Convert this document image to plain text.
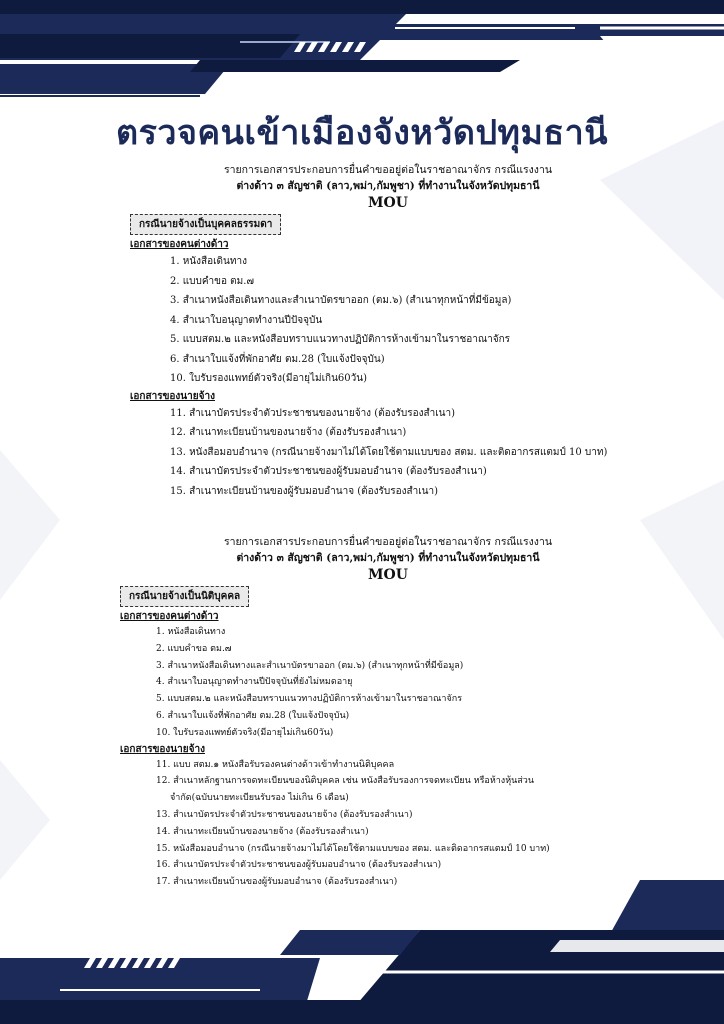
ตรวจคนเข้าเมืองจังหวัดปทุมธานี
รายการเอกสารประกอบการยื่นคำขออยู่ต่อในราชอาณาจักร กรณีแรงงาน
ต่างด้าว ๓ สัญชาติ (ลาว,พม่า,กัมพูชา) ที่ทำงานในจังหวัดปทุมธานี
MOU
กรณีนายจ้างเป็นบุคคลธรรมดา
เอกสารของคนต่างด้าว
1. หนังสือเดินทาง
2. แบบคำขอ ตม.๗
3. สำเนาหนังสือเดินทางและสำเนาบัตรขาออก (ตม.๖) (สำเนาทุกหน้าที่มีข้อมูล)
4. สำเนาใบอนุญาตทำงานปีปัจจุบัน
5. แบบสตม.๒ และหนังสือบทราบแนวทางปฏิบัติการห้างเข้ามาในราชอาณาจักร
6. สำเนาใบแจ้งที่พักอาศัย ตม.28 (ใบแจ้งปัจจุบัน)
10. ใบรับรองแพทย์ตัวจริง(มีอายุไม่เกิน60วัน)
เอกสารของนายจ้าง
11. สำเนาบัตรประจำตัวประชาชนของนายจ้าง (ต้องรับรองสำเนา)
12. สำเนาทะเบียนบ้านของนายจ้าง (ต้องรับรองสำเนา)
13. หนังสือมอบอำนาจ (กรณีนายจ้างมาไม่ได้โดยใช้ตามแบบของ สตม. และติดอากรสแตมป์ 10 บาท)
14. สำเนาบัตรประจำตัวประชาชนของผู้รับมอบอำนาจ (ต้องรับรองสำเนา)
15. สำเนาทะเบียนบ้านของผู้รับมอบอำนาจ (ต้องรับรองสำเนา)
รายการเอกสารประกอบการยื่นคำขออยู่ต่อในราชอาณาจักร กรณีแรงงาน
ต่างด้าว ๓ สัญชาติ (ลาว,พม่า,กัมพูชา) ที่ทำงานในจังหวัดปทุมธานี
MOU
กรณีนายจ้างเป็นนิติบุคคล
เอกสารของคนต่างด้าว
1. หนังสือเดินทาง
2. แบบคำขอ ตม.๗
3. สำเนาหนังสือเดินทางและสำเนาบัตรขาออก (ตม.๖) (สำเนาทุกหน้าที่มีข้อมูล)
4. สำเนาใบอนุญาตทำงานปีปัจจุบันที่ยังไม่หมดอายุ
5. แบบสตม.๒ และหนังสือบทราบแนวทางปฏิบัติการห้างเข้ามาในราชอาณาจักร
6. สำเนาใบแจ้งที่พักอาศัย ตม.28 (ใบแจ้งปัจจุบัน)
10. ใบรับรองแพทย์ตัวจริง(มีอายุไม่เกิน60วัน)
เอกสารของนายจ้าง
11. แบบ สตม.๑ หนังสือรับรองคนต่างด้าวเข้าทำงานนิติบุคคล
12. สำเนาหลักฐานการจดทะเบียนของนิติบุคคล เช่น หนังสือรับรองการจดทะเบียน หรือห้างหุ้นส่วน
จำกัด(ฉบับนายทะเบียนรับรอง ไม่เกิน 6 เดือน)
13. สำเนาบัตรประจำตัวประชาชนของนายจ้าง (ต้องรับรองสำเนา)
14. สำเนาทะเบียนบ้านของนายจ้าง (ต้องรับรองสำเนา)
15. หนังสือมอบอำนาจ (กรณีนายจ้างมาไม่ได้โดยใช้ตามแบบของ สตม. และติดอากรสแตมป์ 10 บาท)
16. สำเนาบัตรประจำตัวประชาชนของผู้รับมอบอำนาจ (ต้องรับรองสำเนา)
17. สำเนาทะเบียนบ้านของผู้รับมอบอำนาจ (ต้องรับรองสำเนา)
